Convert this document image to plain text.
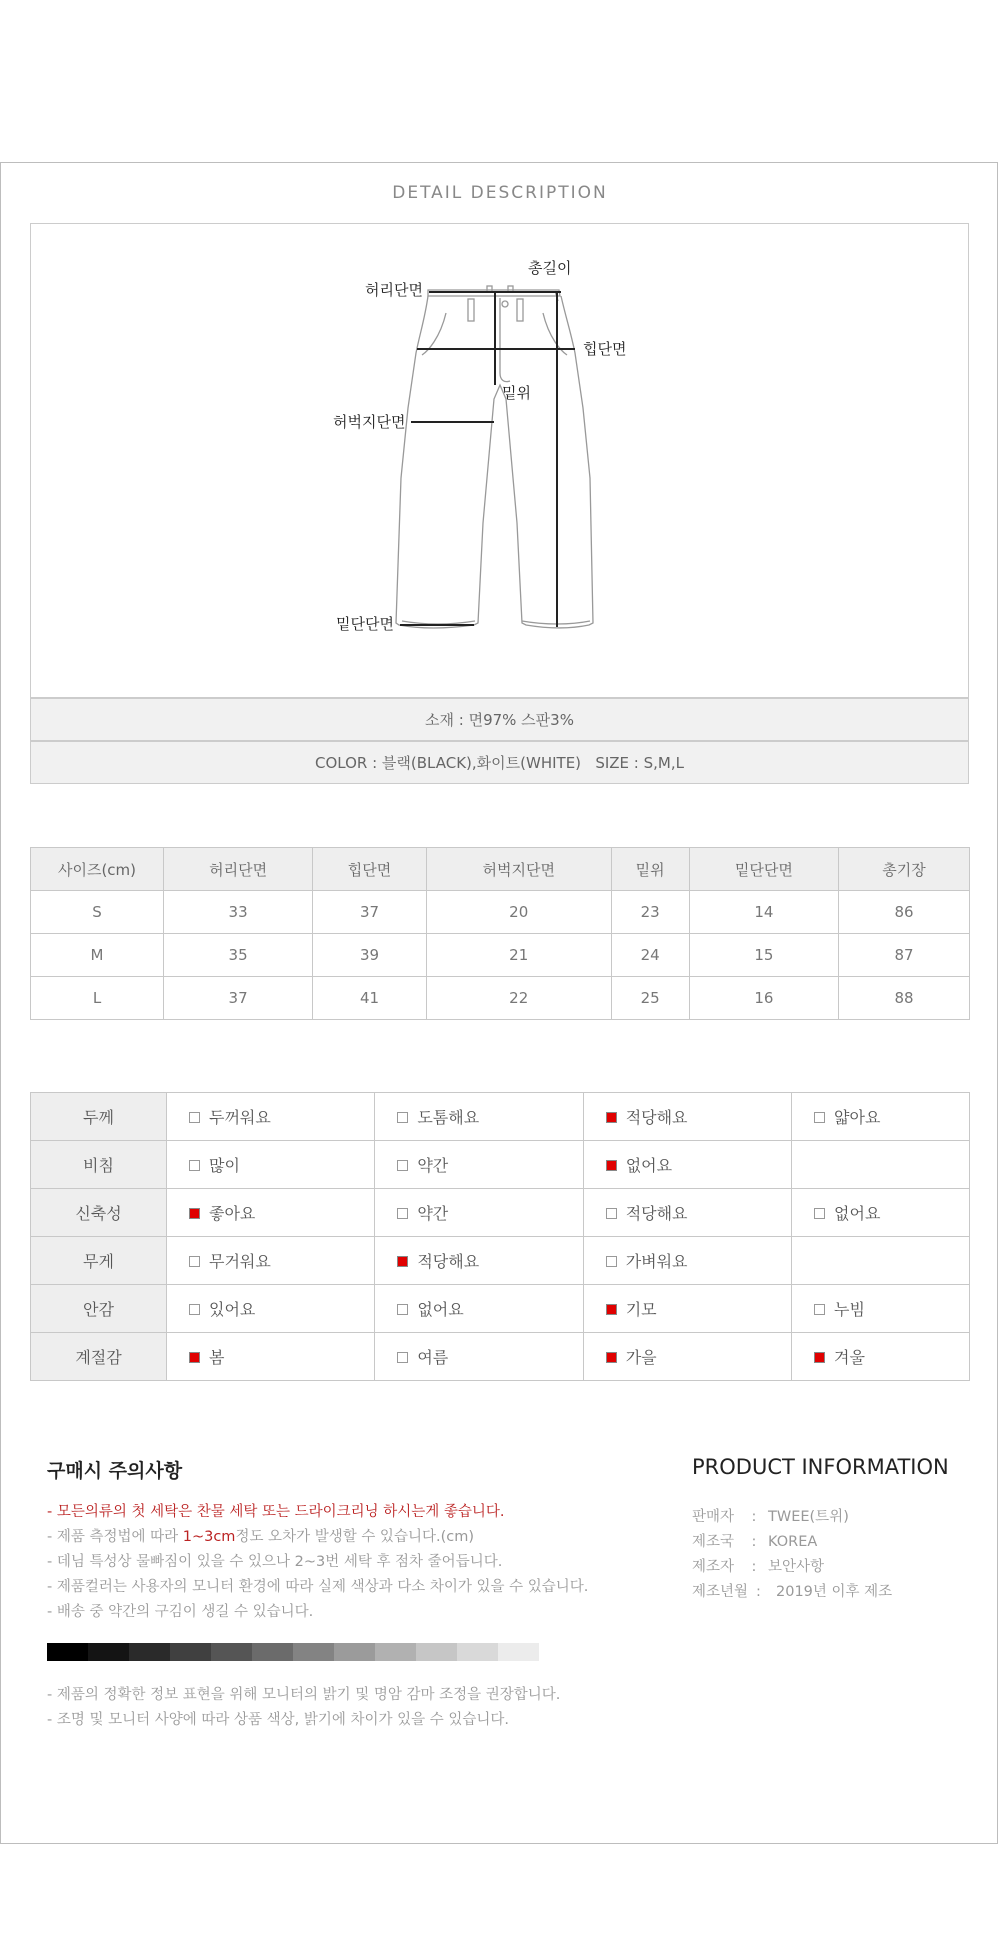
DETAIL DESCRIPTION
총길이
허리단면
힙단면
밑위
허벅지단면
밑단단면
소재 : 면97% 스판3%
COLOR : 블랙(BLACK),화이트(WHITE)   SIZE : S,M,L
사이즈(cm)	허리단면	힙단면	허벅지단면	밑위	밑단단면	총기장
S	33	37	20	23	14	86
M	35	39	21	24	15	87
L	37	41	22	25	16	88
두께	두꺼워요	도톰해요	적당해요	얇아요
비침	많이	약간	없어요	
신축성	좋아요	약간	적당해요	없어요
무게	무거워요	적당해요	가벼워요	
안감	있어요	없어요	기모	누빔
계절감	봄	여름	가을	겨울
구매시 주의사항	PRODUCT INFORMATION
- 모든의류의 첫 세탁은 찬물 세탁 또는 드라이크리닝 하시는게 좋습니다.
- 제품 측정법에 따라 1~3cm정도 오차가 발생할 수 있습니다.(cm)
- 데님 특성상 물빠짐이 있을 수 있으나 2~3번 세탁 후 점차 줄어듭니다.
- 제품컬러는 사용자의 모니터 환경에 따라 실제 색상과 다소 차이가 있을 수 있습니다.
- 배송 중 약간의 구김이 생길 수 있습니다.
판매자 : TWEE(트위)
제조국 : KOREA
제조자 : 보안사항
제조년월 : 2019년 이후 제조
- 제품의 정확한 정보 표현을 위해 모니터의 밝기 및 명암 감마 조정을 권장합니다.
- 조명 및 모니터 사양에 따라 상품 색상, 밝기에 차이가 있을 수 있습니다.
